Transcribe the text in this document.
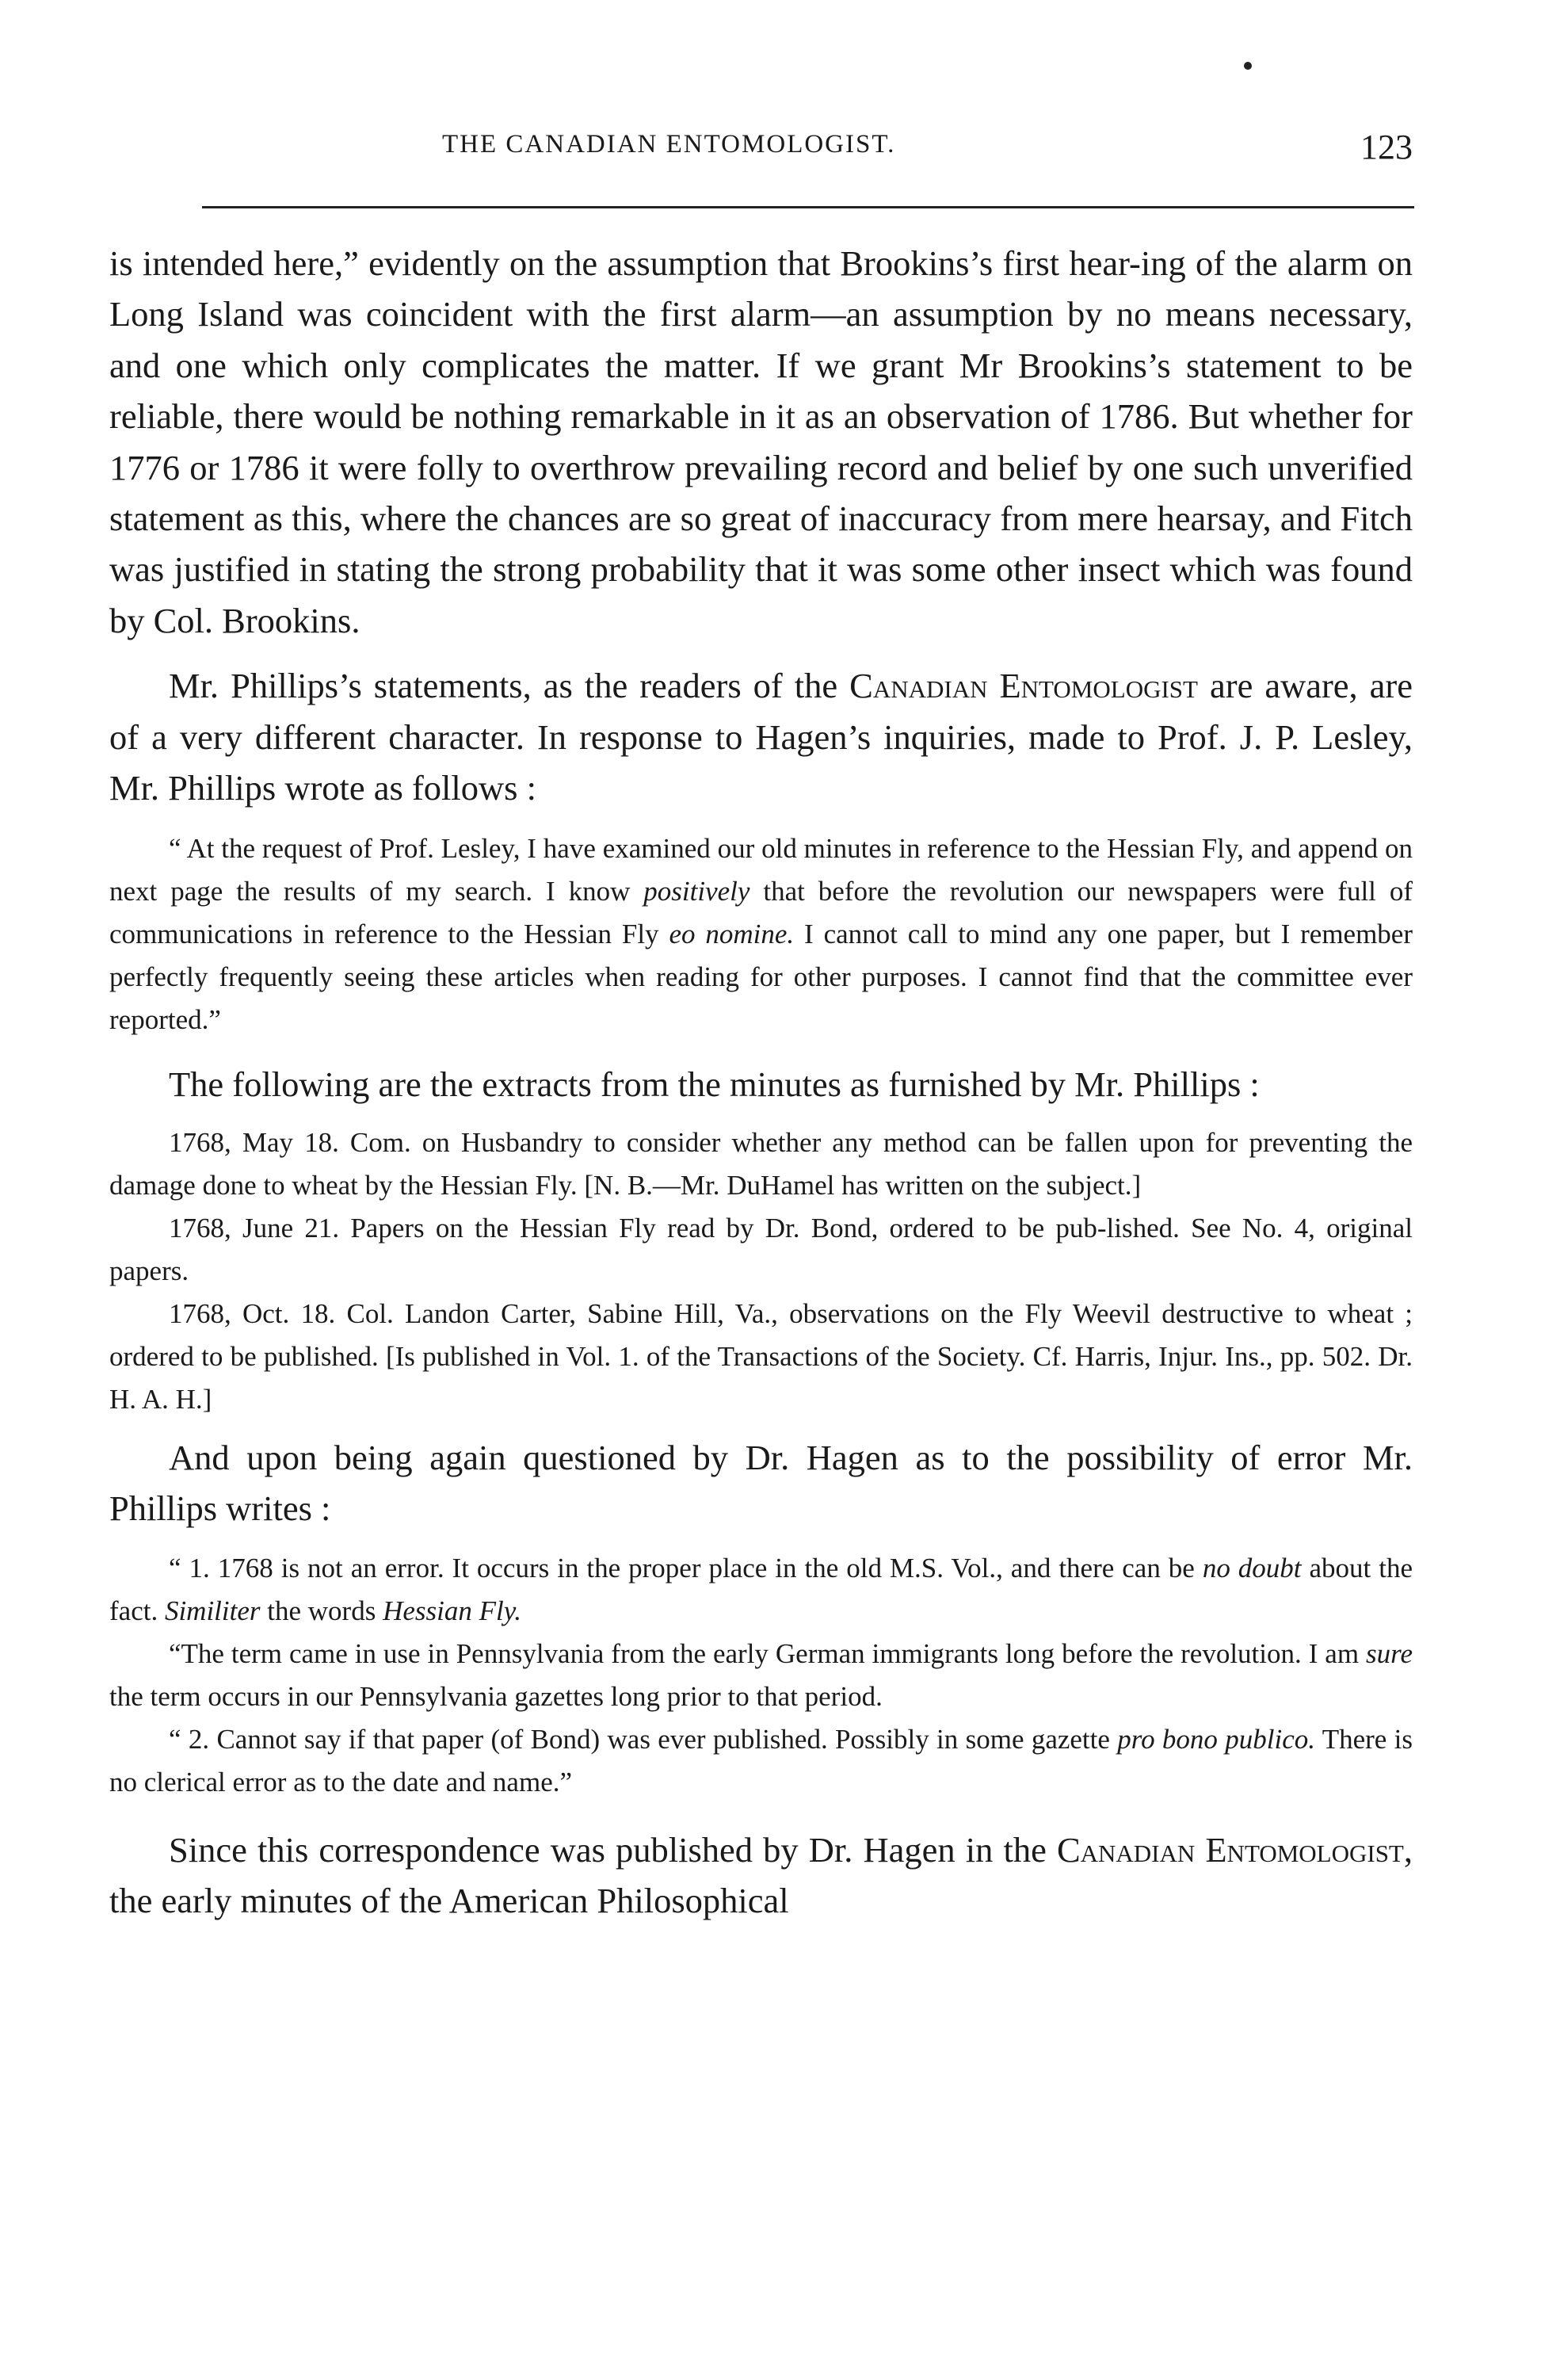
THE CANADIAN ENTOMOLOGIST.	123

is intended here,” evidently on the assumption that Brookins’s first hear-ing of the alarm on Long Island was coincident with the first alarm—an assumption by no means necessary, and one which only complicates the matter. If we grant Mr Brookins’s statement to be reliable, there would be nothing remarkable in it as an observation of 1786. But whether for 1776 or 1786 it were folly to overthrow prevailing record and belief by one such unverified statement as this, where the chances are so great of inaccuracy from mere hearsay, and Fitch was justified in stating the strong probability that it was some other insect which was found by Col. Brookins.

Mr. Phillips’s statements, as the readers of the Canadian Entomologist are aware, are of a very different character. In response to Hagen’s inquiries, made to Prof. J. P. Lesley, Mr. Phillips wrote as follows :

“ At the request of Prof. Lesley, I have examined our old minutes in reference to the Hessian Fly, and append on next page the results of my search. I know positively that before the revolution our newspapers were full of communications in reference to the Hessian Fly eo nomine. I cannot call to mind any one paper, but I remember perfectly frequently seeing these articles when reading for other purposes. I cannot find that the committee ever reported.”

The following are the extracts from the minutes as furnished by Mr. Phillips :

1768, May 18. Com. on Husbandry to consider whether any method can be fallen upon for preventing the damage done to wheat by the Hessian Fly. [N. B.—Mr. DuHamel has written on the subject.]

1768, June 21. Papers on the Hessian Fly read by Dr. Bond, ordered to be pub-lished. See No. 4, original papers.

1768, Oct. 18. Col. Landon Carter, Sabine Hill, Va., observations on the Fly Weevil destructive to wheat ; ordered to be published. [Is published in Vol. 1. of the Transactions of the Society. Cf. Harris, Injur. Ins., pp. 502. Dr. H. A. H.]

And upon being again questioned by Dr. Hagen as to the possibility of error Mr. Phillips writes :

“ 1. 1768 is not an error. It occurs in the proper place in the old M.S. Vol., and there can be no doubt about the fact. Similiter the words Hessian Fly.

“The term came in use in Pennsylvania from the early German immigrants long before the revolution. I am sure the term occurs in our Pennsylvania gazettes long prior to that period.

“ 2. Cannot say if that paper (of Bond) was ever published. Possibly in some gazette pro bono publico. There is no clerical error as to the date and name.”

Since this correspondence was published by Dr. Hagen in the Canadian Entomologist, the early minutes of the American Philosophical
